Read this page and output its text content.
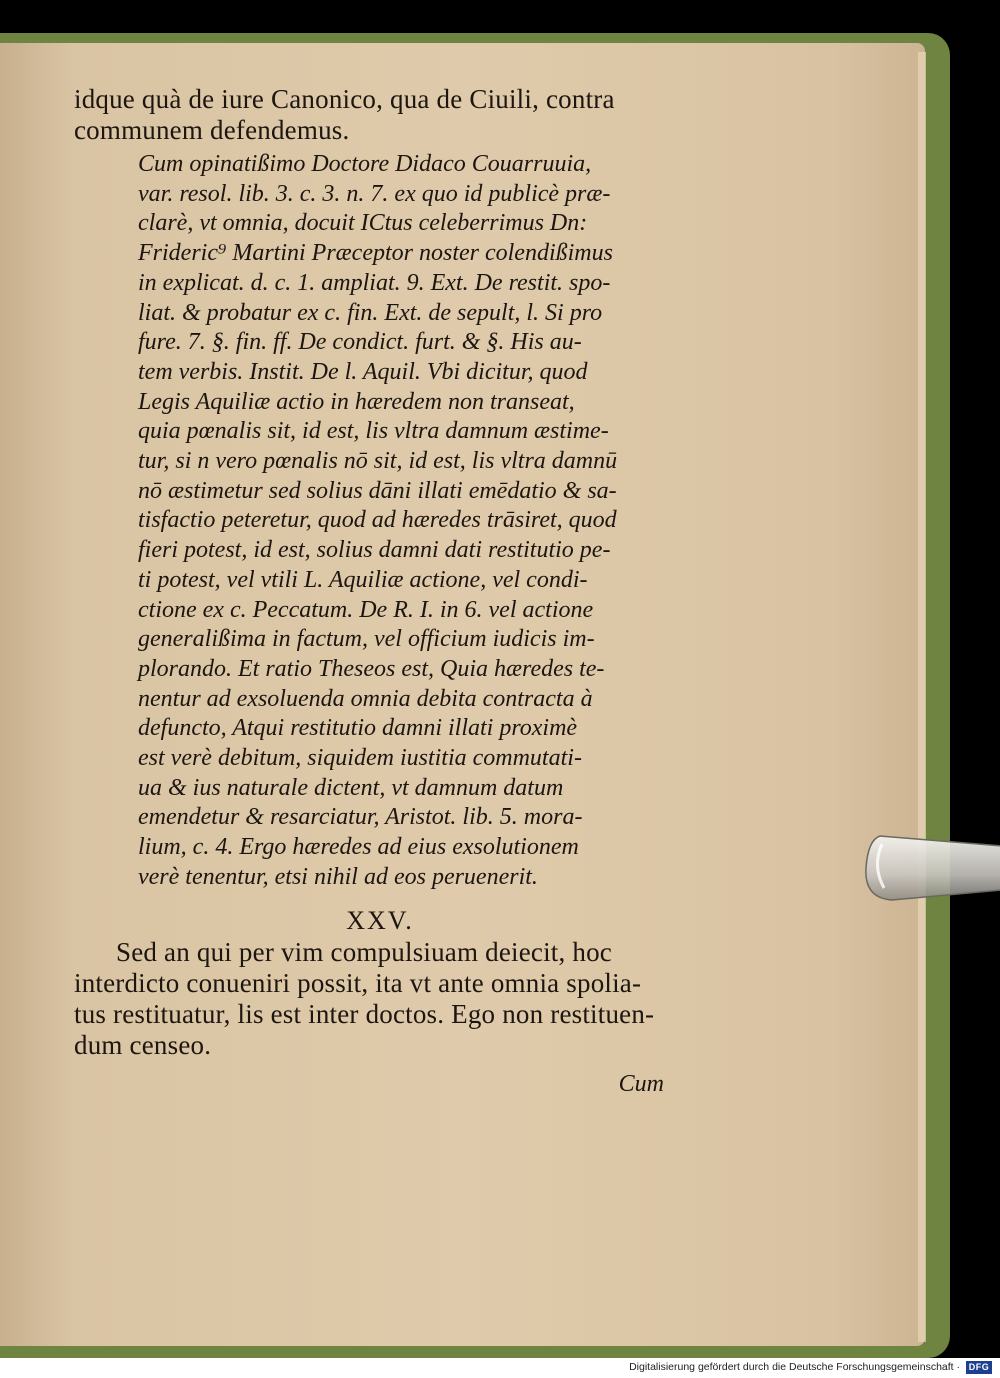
idque quà de iure Canonico, qua de Ciuili, contra
communem defendemus.
Cum opinatißimo Doctore Didaco Couarruuia,
var. resol. lib. 3. c. 3. n. 7. ex quo id publicè præ-
clarè, vt omnia, docuit ICtus celeberrimus Dn:
Frideric⁹ Martini Præceptor noster colendißimus
in explicat. d. c. 1. ampliat. 9. Ext. De restit. spo-
liat. & probatur ex c. fin. Ext. de sepult, l. Si pro
fure. 7. §. fin. ff. De condict. furt. & §. His au-
tem verbis. Instit. De l. Aquil. Vbi dicitur, quod
Legis Aquiliæ actio in hæredem non transeat,
quia pœnalis sit, id est, lis vltra damnum æstime-
tur, si n vero pœnalis nō sit, id est, lis vltra damnū
nō æstimetur sed solius dāni illati emēdatio & sa-
tisfactio peteretur, quod ad hæredes trāsiret, quod
fieri potest, id est, solius damni dati restitutio pe-
ti potest, vel vtili L. Aquiliæ actione, vel condi-
ctione ex c. Peccatum. De R. I. in 6. vel actione
generalißima in factum, vel officium iudicis im-
plorando. Et ratio Theseos est, Quia hæredes te-
nentur ad exsoluenda omnia debita contracta à
defuncto, Atqui restitutio damni illati proximè
est verè debitum, siquidem iustitia commutati-
ua & ius naturale dictent, vt damnum datum
emendetur & resarciatur, Aristot. lib. 5. mora-
lium, c. 4. Ergo hæredes ad eius exsolutionem
verè tenentur, etsi nihil ad eos peruenerit.
XXV.
Sed an qui per vim compulsiuam deiecit, hoc
interdicto conueniri possit, ita vt ante omnia spolia-
tus restituatur, lis est inter doctos. Ego non restituen-
dum censeo.
Cum
Digitalisierung gefördert durch die Deutsche Forschungsgemeinschaft · DFG
